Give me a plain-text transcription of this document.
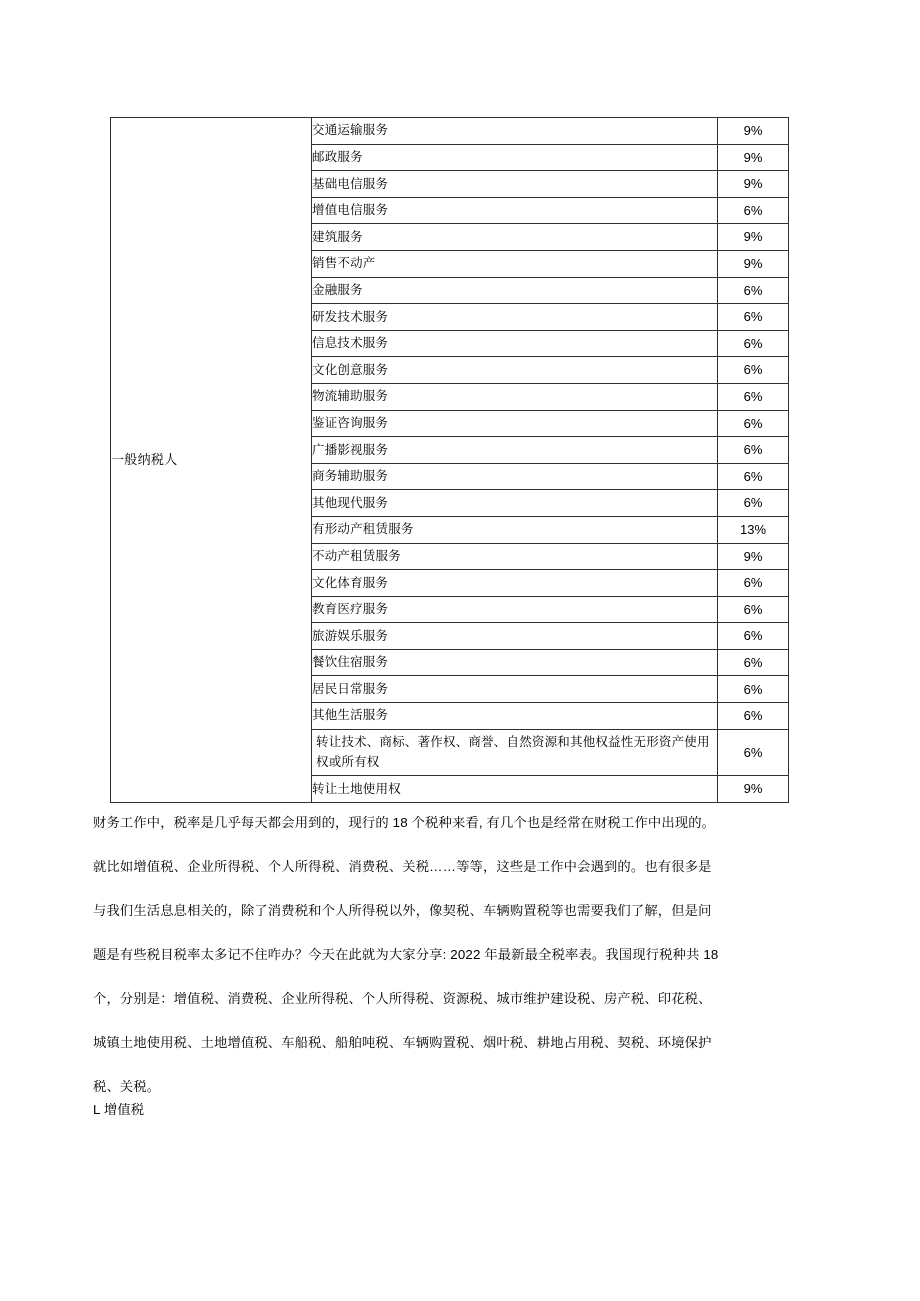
一般纳税人	交通运输服务	9%
	邮政服务	9%
	基础电信服务	9%
	增值电信服务	6%
	建筑服务	9%
	销售不动产	9%
	金融服务	6%
	研发技术服务	6%
	信息技术服务	6%
	文化创意服务	6%
	物流辅助服务	6%
	鉴证咨询服务	6%
	广播影视服务	6%
	商务辅助服务	6%
	其他现代服务	6%
	有形动产租赁服务	13%
	不动产租赁服务	9%
	文化体育服务	6%
	教育医疗服务	6%
	旅游娱乐服务	6%
	餐饮住宿服务	6%
	居民日常服务	6%
	其他生活服务	6%
	转让技术、商标、著作权、商誉、自然资源和其他权益性无形资产使用权或所有权	6%
	转让土地使用权	9%

财务工作中，税率是几乎每天都会用到的，现行的 18 个税种来看, 有几个也是经常在财税工作中出现的。

就比如增值税、企业所得税、个人所得税、消费税、关税……等等，这些是工作中会遇到的。也有很多是

与我们生活息息相关的，除了消费税和个人所得税以外，像契税、车辆购置税等也需要我们了解，但是问

题是有些税目税率太多记不住咋办？今天在此就为大家分享: 2022 年最新最全税率表。我国现行税种共 18

个，分别是：增值税、消费税、企业所得税、个人所得税、资源税、城市维护建设税、房产税、印花税、

城镇土地使用税、土地增值税、车船税、船舶吨税、车辆购置税、烟叶税、耕地占用税、契税、环境保护

税、关税。

L 增值税
